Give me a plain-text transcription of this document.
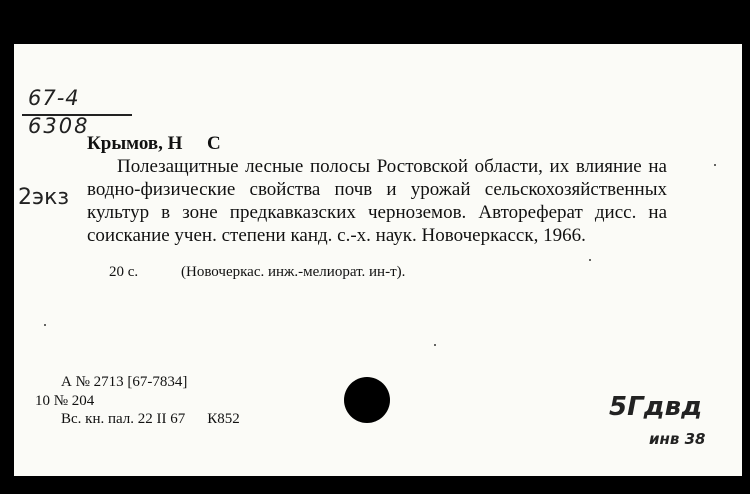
67-4
6308
2экз
Крымов, Н С
Полезащитные лесные полосы Ростовской области, их влияние на водно-физические свойства почв и урожай сельскохозяйственных культур в зоне предкавказских черноземов. Автореферат дисс. на соискание учен. степени канд. с.-х. наук. Новочеркасск, 1966.
20 с.	(Новочеркас. инж.-мелиорат. ин-т).
А № 2713 [67-7834]
10 № 204
Вс. кн. пал. 22 II 67 К852	5Гдвд
инв 38
